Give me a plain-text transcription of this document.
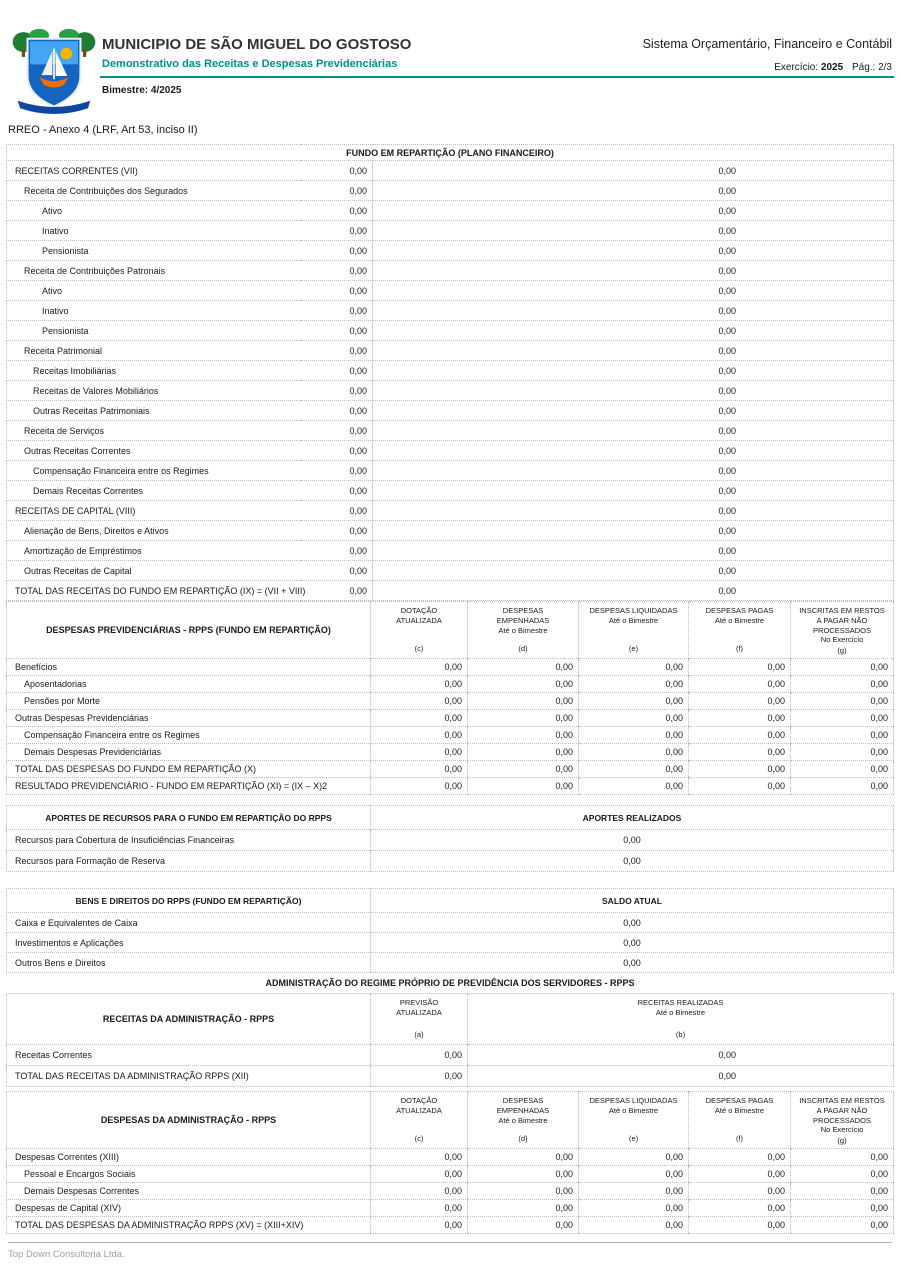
MUNICIPIO DE SÃO MIGUEL DO GOSTOSO
Demonstrativo das Receitas e Despesas Previdenciárias
Sistema Orçamentário, Financeiro e Contábil
Exercício: 2025 Pág.: 2/3
Bimestre: 4/2025
RREO - Anexo 4 (LRF, Art 53, inciso II)
FUNDO EM REPARTIÇÃO (PLANO FINANCEIRO)		
RECEITAS CORRENTES (VII)	0,00	0,00
Receita de Contribuições dos Segurados	0,00	0,00
Ativo	0,00	0,00
Inativo	0,00	0,00
Pensionista	0,00	0,00
Receita de Contribuições Patronais	0,00	0,00
Ativo	0,00	0,00
Inativo	0,00	0,00
Pensionista	0,00	0,00
Receita Patrimonial	0,00	0,00
Receitas Imobiliárias	0,00	0,00
Receitas de Valores Mobiliários	0,00	0,00
Outras Receitas Patrimoniais	0,00	0,00
Receita de Serviços	0,00	0,00
Outras Receitas Correntes	0,00	0,00
Compensação Financeira entre os Regimes	0,00	0,00
Demais Receitas Correntes	0,00	0,00
RECEITAS DE CAPITAL (VIII)	0,00	0,00
Alienação de Bens, Direitos e Ativos	0,00	0,00
Amortização de Empréstimos	0,00	0,00
Outras Receitas de Capital	0,00	0,00
TOTAL DAS RECEITAS DO FUNDO EM REPARTIÇÃO (IX) = (VII + VIII)	0,00	0,00
DESPESAS PREVIDENCIÁRIAS - RPPS (FUNDO EM REPARTIÇÃO)	
DOTAÇÃO ATUALIZADA
(c)

DESPESAS EMPENHADAS
Até o Bimestre
(d)

DESPESAS LIQUIDADAS
Até o Bimestre
(e)

DESPESAS PAGAS
Até o Bimestre
(f)

INSCRITAS EM RESTOS A PAGAR NÃO PROCESSADOS
No Exercício
(g)

Benefícios	0,00	0,00	0,00	0,00	0,00
Aposentadorias	0,00	0,00	0,00	0,00	0,00
Pensões por Morte	0,00	0,00	0,00	0,00	0,00
Outras Despesas Previdenciárias	0,00	0,00	0,00	0,00	0,00
Compensação Financeira entre os Regimes	0,00	0,00	0,00	0,00	0,00
Demais Despesas Previdenciárias	0,00	0,00	0,00	0,00	0,00
TOTAL DAS DESPESAS DO FUNDO EM REPARTIÇÃO (X)	0,00	0,00	0,00	0,00	0,00
RESULTADO PREVIDENCIÁRIO - FUNDO EM REPARTIÇÃO (XI) = (IX – X)2	0,00	0,00	0,00	0,00	0,00
APORTES DE RECURSOS PARA O FUNDO EM REPARTIÇÃO DO RPPS	APORTES REALIZADOS
Recursos para Cobertura de Insuficiências Financeiras	0,00
Recursos para Formação de Reserva	0,00
BENS E DIREITOS DO RPPS (FUNDO EM REPARTIÇÃO)	SALDO ATUAL
Caixa e Equivalentes de Caixa	0,00
Investimentos e Aplicações	0,00
Outros Bens e Direitos	0,00
ADMINISTRAÇÃO DO REGIME PRÓPRIO DE PREVIDÊNCIA DOS SERVIDORES - RPPS
RECEITAS DA ADMINISTRAÇÃO - RPPS	
PREVISÃO ATUALIZADA
(a)

RECEITAS REALIZADAS
Até o Bimestre
(b)

Receitas Correntes	0,00	0,00
TOTAL DAS RECEITAS DA ADMINISTRAÇÃO RPPS (XII)	0,00	0,00
DESPESAS DA ADMINISTRAÇÃO - RPPS	
DOTAÇÃO ATUALIZADA
(c)

DESPESAS EMPENHADAS
Até o Bimestre
(d)

DESPESAS LIQUIDADAS
Até o Bimestre
(e)

DESPESAS PAGAS
Até o Bimestre
(f)

INSCRITAS EM RESTOS A PAGAR NÃO PROCESSADOS
No Exercício
(g)

Despesas Correntes (XIII)	0,00	0,00	0,00	0,00	0,00
Pessoal e Encargos Sociais	0,00	0,00	0,00	0,00	0,00
Demais Despesas Correntes	0,00	0,00	0,00	0,00	0,00
Despesas de Capital (XIV)	0,00	0,00	0,00	0,00	0,00
TOTAL DAS DESPESAS DA ADMINISTRAÇÃO RPPS (XV) = (XIII+XIV)	0,00	0,00	0,00	0,00	0,00
Top Down Consultoria Ltda.
